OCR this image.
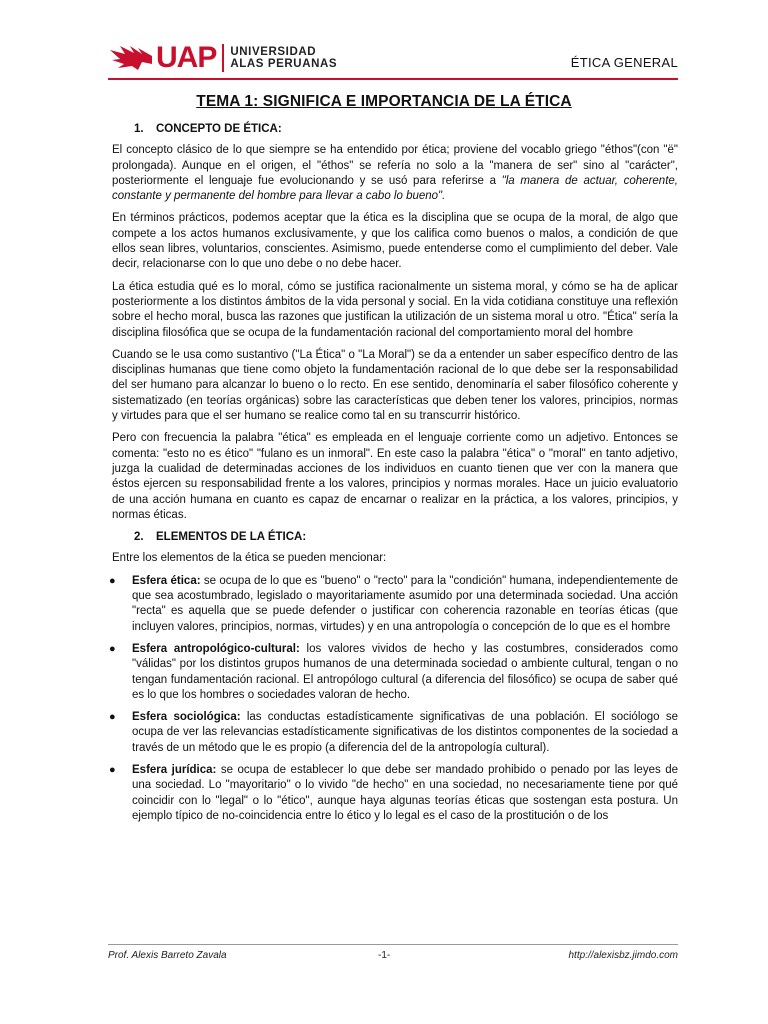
UAP UNIVERSIDAD
ALAS PERUANAS	ÉTICA GENERAL
TEMA 1: SIGNIFICA E IMPORTANCIA DE LA ÉTICA
1. CONCEPTO DE ÉTICA:

El concepto clásico de lo que siempre se ha entendido por ética; proviene del vocablo griego "éthos"(con "ë" prolongada). Aunque en el origen, el "éthos" se refería no solo a la "manera de ser" sino al "carácter", posteriormente el lenguaje fue evolucionando y se usó para referirse a "la manera de actuar, coherente, constante y permanente del hombre para llevar a cabo lo bueno".

En términos prácticos, podemos aceptar que la ética es la disciplina que se ocupa de la moral, de algo que compete a los actos humanos exclusivamente, y que los califica como buenos o malos, a condición de que ellos sean libres, voluntarios, conscientes. Asimismo, puede entenderse como el cumplimiento del deber. Vale decir, relacionarse con lo que uno debe o no debe hacer.

La ética estudia qué es lo moral, cómo se justifica racionalmente un sistema moral, y cómo se ha de aplicar posteriormente a los distintos ámbitos de la vida personal y social. En la vida cotidiana constituye una reflexión sobre el hecho moral, busca las razones que justifican la utilización de un sistema moral u otro. "Ética" sería la disciplina filosófica que se ocupa de la fundamentación racional del comportamiento moral del hombre

Cuando se le usa como sustantivo ("La Ética" o "La Moral") se da a entender un saber específico dentro de las disciplinas humanas que tiene como objeto la fundamentación racional de lo que debe ser la responsabilidad del ser humano para alcanzar lo bueno o lo recto. En ese sentido, denominaría el saber filosófico coherente y sistematizado (en teorías orgánicas) sobre las características que deben tener los valores, principios, normas y virtudes para que el ser humano se realice como tal en su transcurrir histórico.

Pero con frecuencia la palabra "ética" es empleada en el lenguaje corriente como un adjetivo. Entonces se comenta: "esto no es ético" "fulano es un inmoral". En este caso la palabra "ética" o "moral" en tanto adjetivo, juzga la cualidad de determinadas acciones de los individuos en cuanto tienen que ver con la manera que éstos ejercen su responsabilidad frente a los valores, principios y normas morales. Hace un juicio evaluatorio de una acción humana en cuanto es capaz de encarnar o realizar en la práctica, a los valores, principios, y normas éticas.

2. ELEMENTOS DE LA ÉTICA:

Entre los elementos de la ética se pueden mencionar:

● Esfera ética: se ocupa de lo que es "bueno" o "recto" para la "condición" humana, independientemente de que sea acostumbrado, legislado o mayoritariamente asumido por una determinada sociedad. Una acción "recta" es aquella que se puede defender o justificar con coherencia razonable en teorías éticas (que incluyen valores, principios, normas, virtudes) y en una antropología o concepción de lo que es el hombre
● Esfera antropológico-cultural: los valores vividos de hecho y las costumbres, considerados como "válidas" por los distintos grupos humanos de una determinada sociedad o ambiente cultural, tengan o no tengan fundamentación racional. El antropólogo cultural (a diferencia del filosófico) se ocupa de saber qué es lo que los hombres o sociedades valoran de hecho.
● Esfera sociológica: las conductas estadísticamente significativas de una población. El sociólogo se ocupa de ver las relevancias estadísticamente significativas de los distintos componentes de la sociedad a través de un método que le es propio (a diferencia del de la antropología cultural).
● Esfera jurídica: se ocupa de establecer lo que debe ser mandado prohibido o penado por las leyes de una sociedad. Lo "mayoritario" o lo vivido "de hecho" en una sociedad, no necesariamente tiene por qué coincidir con lo "legal" o lo "ético", aunque haya algunas teorías éticas que sostengan esta postura. Un ejemplo típico de no-coincidencia entre lo ético y lo legal es el caso de la prostitución o de los
Prof. Alexis Barreto Zavala	-1-	http://alexisbz.jimdo.com
